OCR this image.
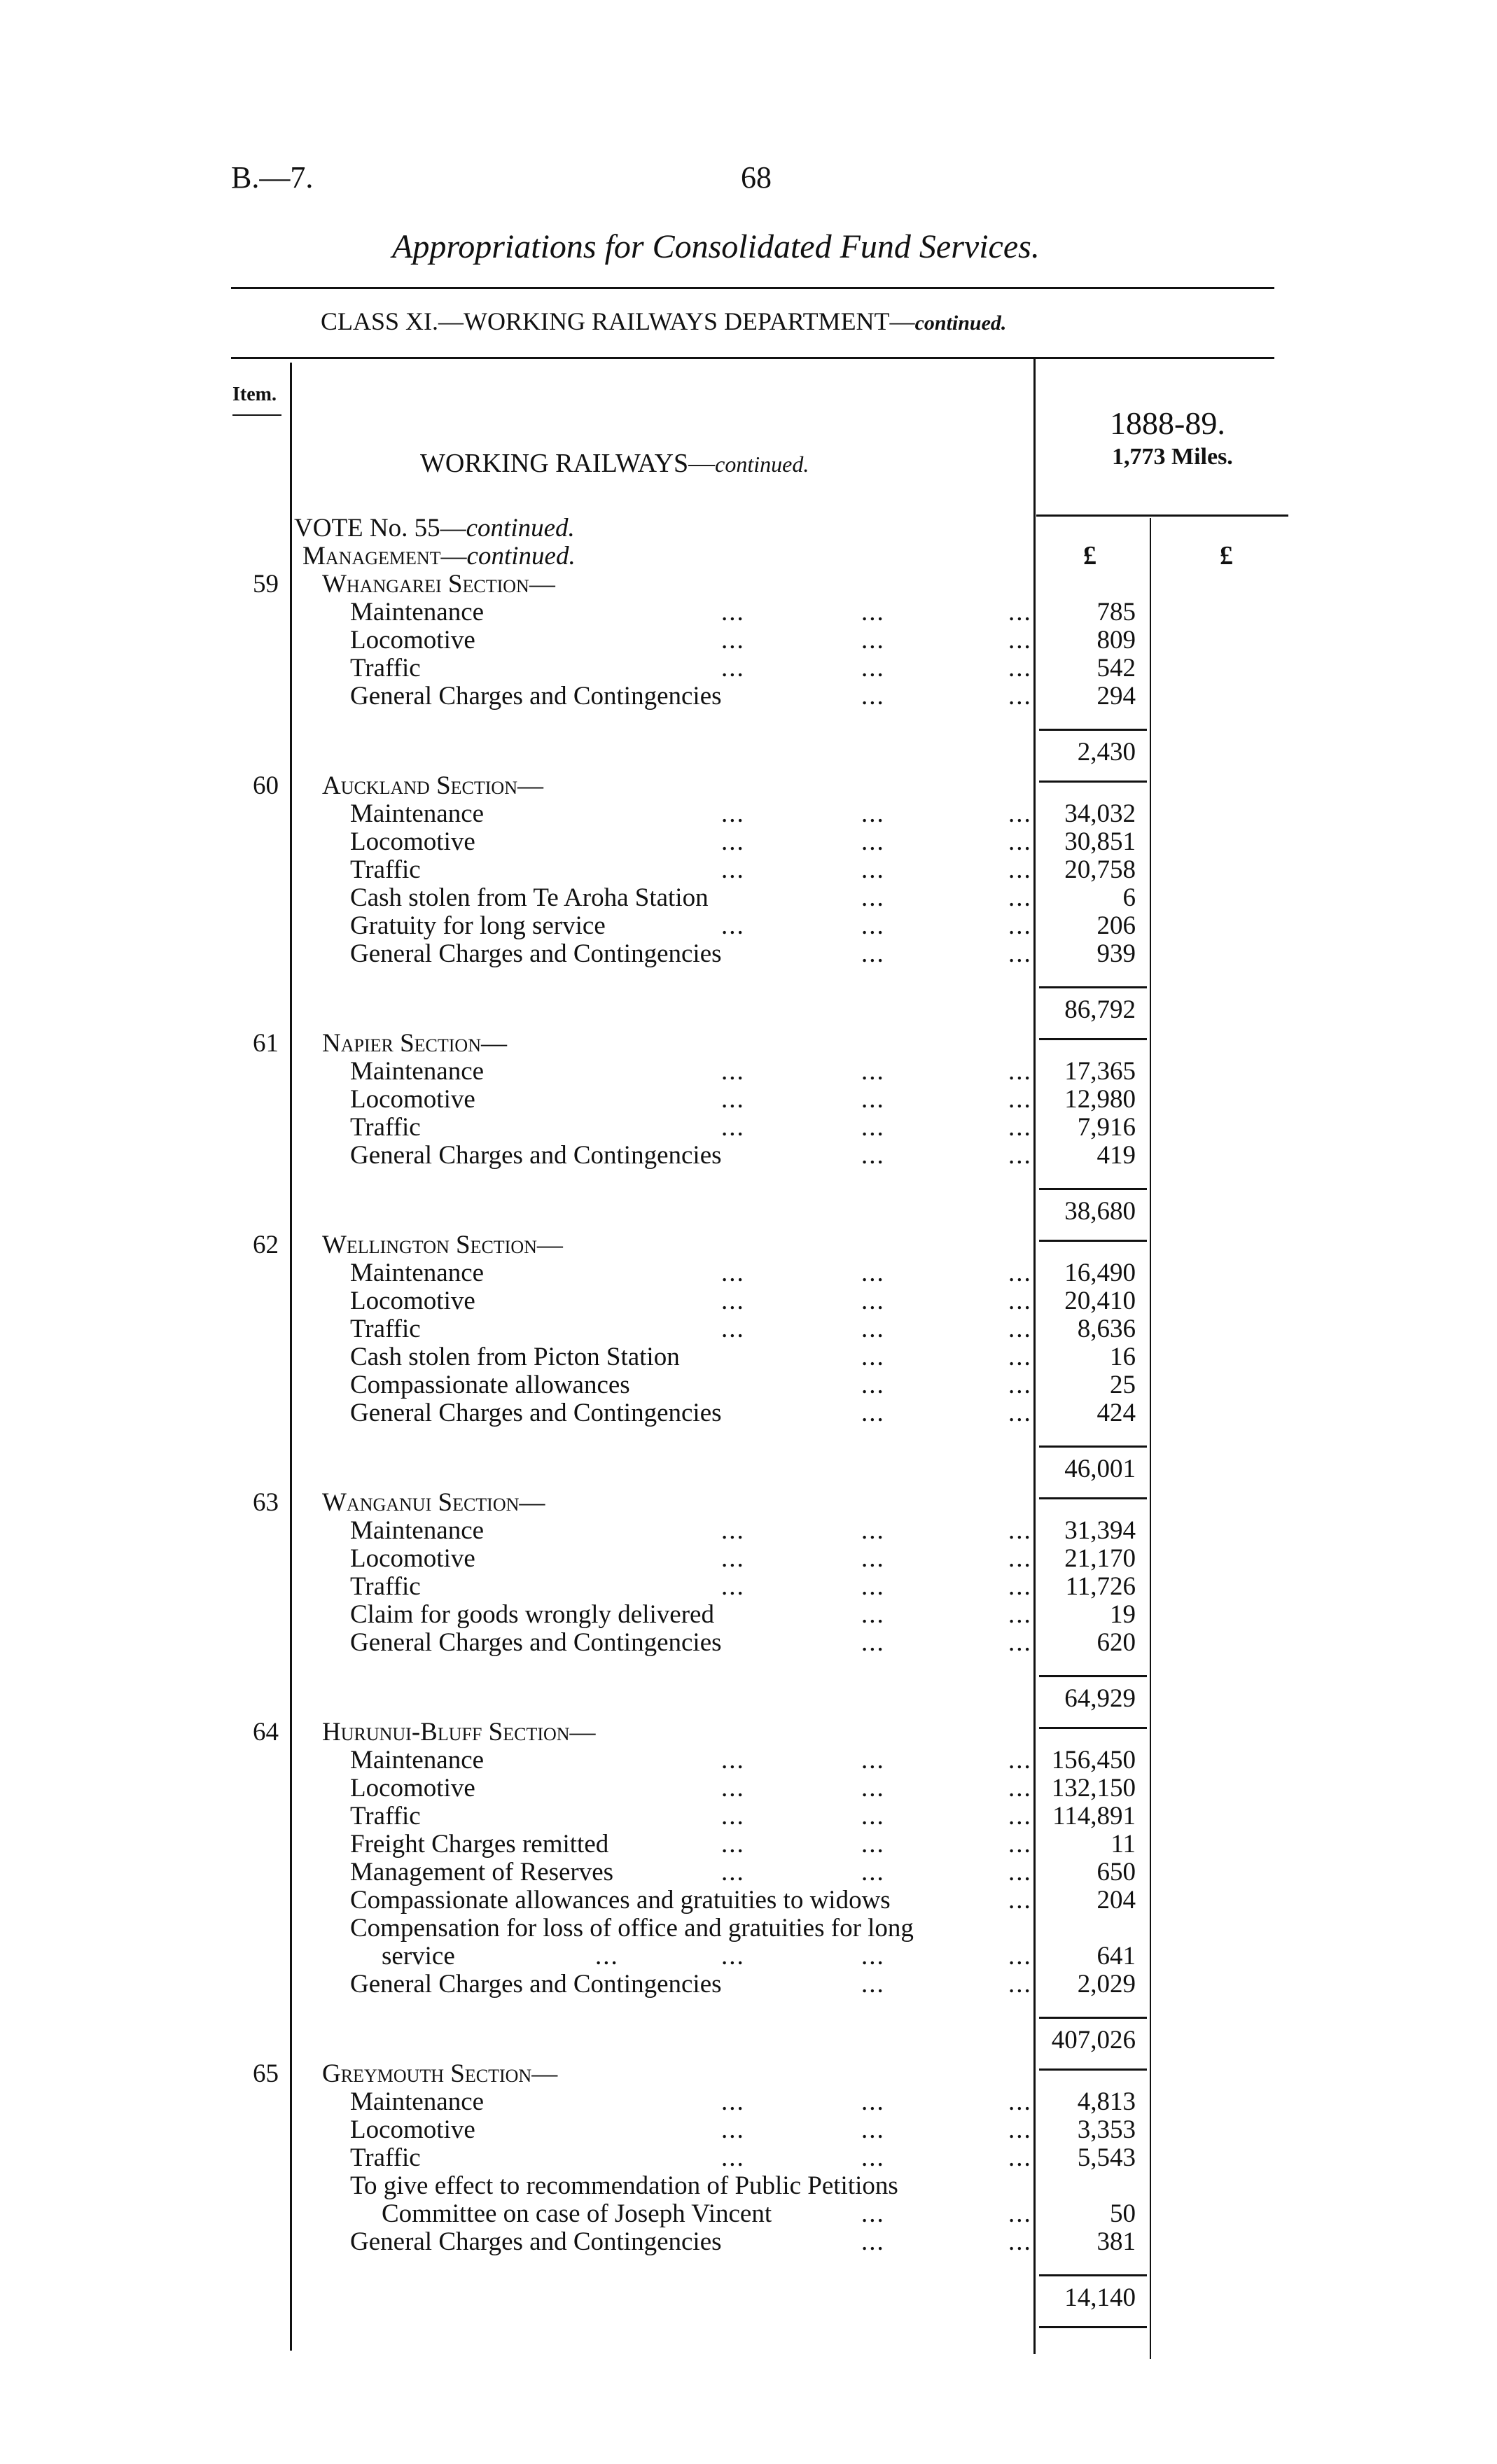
B.—7.	68
Appropriations for Consolidated Fund Services.
CLASS XI.—WORKING RAILWAYS DEPARTMENT—continued.
Item.
WORKING RAILWAYS—continued.
1888-89.
1,773 Miles.
£	£
VOTE No. 55—continued.
Management—continued.
59 Whangarei Section—
Maintenance	...	...	...	785
Locomotive	...	...	...	809
Traffic	...	...	...	542
General Charges and Contingencies	...	...	294
2,430
60 Auckland Section—
Maintenance	...	...	... 34,032
Locomotive	...	...	... 30,851
Traffic	...	...	... 20,758
Cash stolen from Te Aroha Station	...	...	6
Gratuity for long service	...	...	...	206
General Charges and Contingencies	...	...	939
86,792
61 Napier Section—
Maintenance	...	...	... 17,365
Locomotive	...	...	... 12,980
Traffic	...	...	... 7,916
General Charges and Contingencies	...	...	419
38,680
62 Wellington Section—
Maintenance	...	...	... 16,490
Locomotive	...	...	... 20,410
Traffic	...	...	... 8,636
Cash stolen from Picton Station	...	...	16
Compassionate allowances	...	...	25
General Charges and Contingencies	...	...	424
46,001
63 Wanganui Section—
Maintenance	...	...	... 31,394
Locomotive	...	...	... 21,170
Traffic	...	...	... 11,726
Claim for goods wrongly delivered	...	...	19
General Charges and Contingencies	...	...	620
64,929
64 Hurunui-Bluff Section—
Maintenance	...	...	... 156,450
Locomotive	...	...	... 132,150
Traffic	...	...	... 114,891
Freight Charges remitted	...	...	...	11
Management of Reserves	...	...	...	650
Compassionate allowances and gratuities to widows	...	204
Compensation for loss of office and gratuities for long
service	...	...	...	...	641
General Charges and Contingencies	...	... 2,029
407,026
65 Greymouth Section—
Maintenance	...	...	... 4,813
Locomotive	...	...	... 3,353
Traffic	...	...	... 5,543
To give effect to recommendation of Public Petitions
Committee on case of Joseph Vincent	...	...	50
General Charges and Contingencies	...	...	381
14,140
